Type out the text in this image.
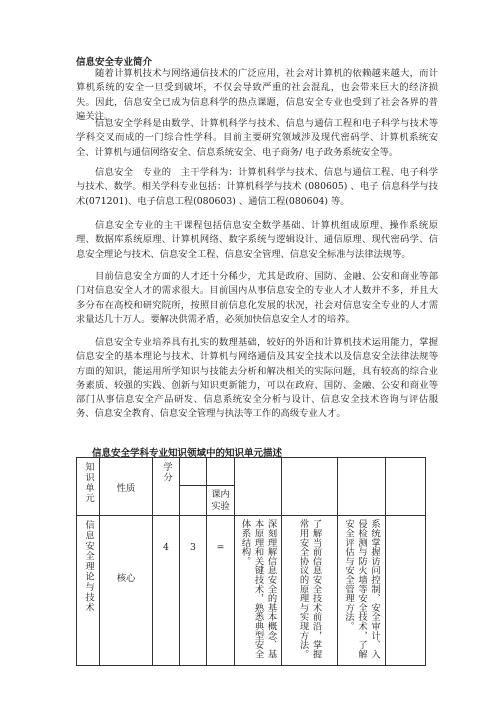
信息安全专业简介

随着计算机技术与网络通信技术的广泛应用，社会对计算机的依赖越来越大，而计算机系统的安全一旦受到破坏，不仅会导致严重的社会混乱，也会带来巨大的经济损失。因此，信息安全已成为信息科学的热点课题，信息安全专业也受到了社会各界的普遍关注。

信息安全学科是由数学、计算机科学与技术、信息与通信工程和电子科学与技术等学科交叉而成的一门综合性学科。目前主要研究领域涉及现代密码学、计算机系统安全、计算机与通信网络安全、信息系统安全、电子商务/ 电子政务系统安全等。

信息安全　专业的　主干学科为：计算机科学与技术、信息与通信工程、电子科学与技术、数学。相关学科专业包括：计算机科学与技术 (080605) 、电子 信息科学与技术(071201)、电子信息工程(080603) 、通信工程(080604) 等。

信息安全专业的主干课程包括信息安全数学基础、计算机组成原理、操作系统原理、数据库系统原理、计算机网络、数字系统与逻辑设计、通信原理、现代密码学、信息安全理论与技术、信息安全工程、信息安全管理、信息安全标准与法律法规等。

目前信息安全方面的人才还十分稀少，尤其是政府、国防、金融、公安和商业等部门对信息安全人才的需求很大。目前国内从事信息安全的专业人才人数并不多，并且大多分布在高校和研究院所，按照目前信息化发展的状况，社会对信息安全专业的人才需求量达几十万人。要解决供需矛盾，必须加快信息安全人才的培养。

信息安全专业培养具有扎实的数理基础，较好的外语和计算机技术运用能力，掌握信息安全的基本理论与技术、计算机与网络通信及其安全技术以及信息安全法律法规等方面的知识，能运用所学知识与技能去分析和解决相关的实际问题，具有较高的综合业务素质、较强的实践、创新与知识更新能力，可以在政府、国防、金融、公安和商业等部门从事信息安全产品研发、信息系统安全分析与设计、信息安全技术咨询与评估服务、信息安全教育、信息安全管理与执法等工作的高级专业人才。

信息安全学科专业知识领域中的知识单元描述
知识单元	性质	学分						

				课内实验				

信息安全理论与技术	核心	4	3	=	深刻理解信息安全的基本概念、基本原理和关键技术，熟悉典型安全体系结构。	了解当前信息安全技术前沿，掌握常用安全协议的原理与实现方法。	系统掌握访问控制、安全审计、入侵检测与防火墙等安全技术，了解安全评估与安全管理方法。	
